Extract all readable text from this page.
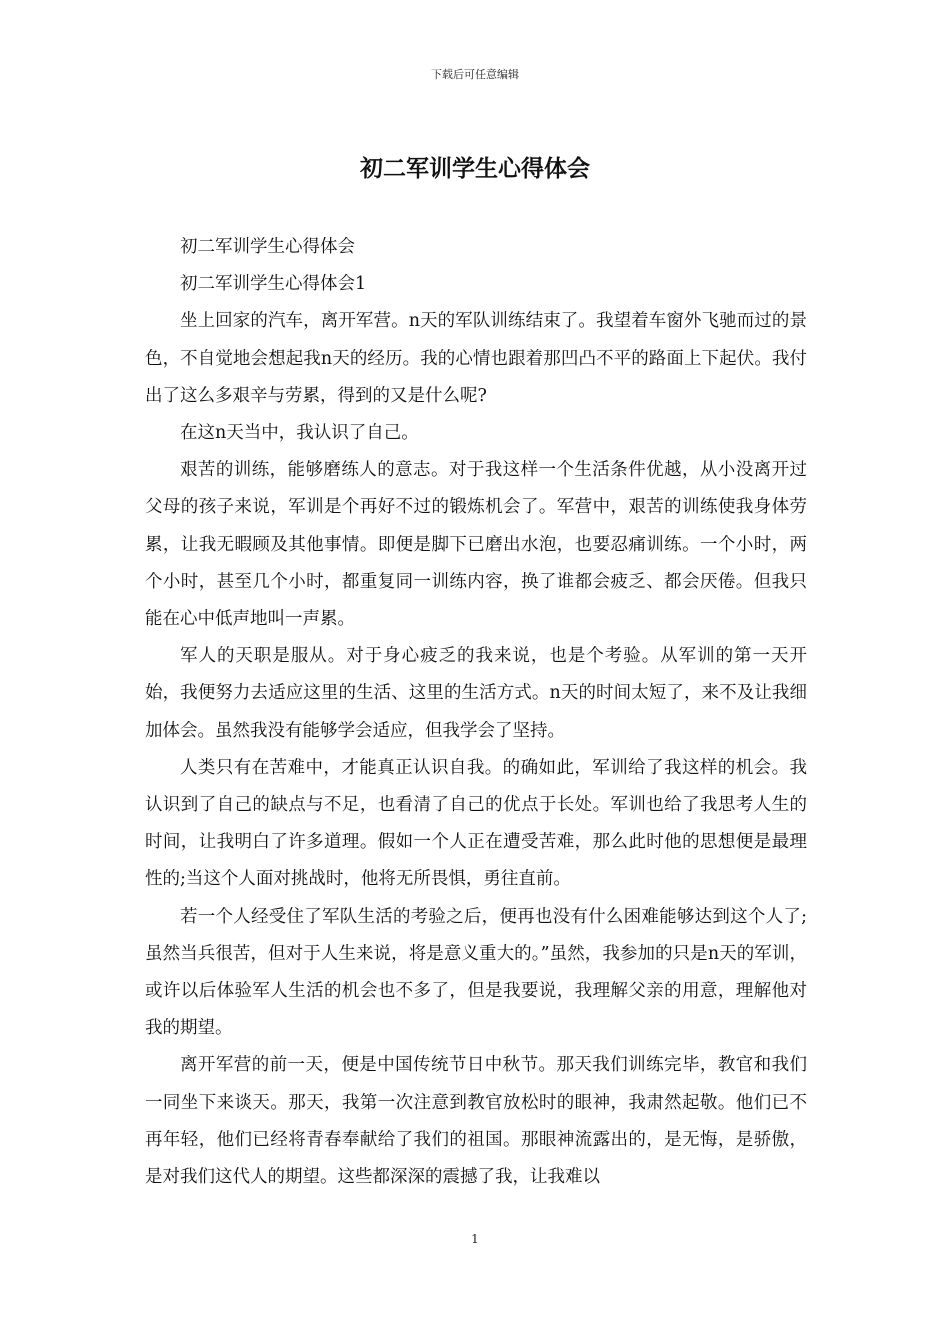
下载后可任意编辑
初二军训学生心得体会

初二军训学生心得体会

初二军训学生心得体会1

坐上回家的汽车，离开军营。n天的军队训练结束了。我望着车窗外飞驰而过的景色，不自觉地会想起我n天的经历。我的心情也跟着那凹凸不平的路面上下起伏。我付出了这么多艰辛与劳累，得到的又是什么呢?

在这n天当中，我认识了自己。

艰苦的训练，能够磨练人的意志。对于我这样一个生活条件优越，从小没离开过父母的孩子来说，军训是个再好不过的锻炼机会了。军营中，艰苦的训练使我身体劳累，让我无暇顾及其他事情。即便是脚下已磨出水泡，也要忍痛训练。一个小时，两个小时，甚至几个小时，都重复同一训练内容，换了谁都会疲乏、都会厌倦。但我只能在心中低声地叫一声累。

军人的天职是服从。对于身心疲乏的我来说，也是个考验。从军训的第一天开始，我便努力去适应这里的生活、这里的生活方式。n天的时间太短了，来不及让我细加体会。虽然我没有能够学会适应，但我学会了坚持。

人类只有在苦难中，才能真正认识自我。的确如此，军训给了我这样的机会。我认识到了自己的缺点与不足，也看清了自己的优点于长处。军训也给了我思考人生的时间，让我明白了许多道理。假如一个人正在遭受苦难，那么此时他的思想便是最理性的;当这个人面对挑战时，他将无所畏惧，勇往直前。

若一个人经受住了军队生活的考验之后，便再也没有什么困难能够达到这个人了;虽然当兵很苦，但对于人生来说，将是意义重大的。”虽然，我参加的只是n天的军训，或许以后体验军人生活的机会也不多了，但是我要说，我理解父亲的用意，理解他对我的期望。

离开军营的前一天，便是中国传统节日中秋节。那天我们训练完毕，教官和我们一同坐下来谈天。那天，我第一次注意到教官放松时的眼神，我肃然起敬。他们已不再年轻，他们已经将青春奉献给了我们的祖国。那眼神流露出的，是无悔，是骄傲，是对我们这代人的期望。这些都深深的震撼了我，让我难以

1
